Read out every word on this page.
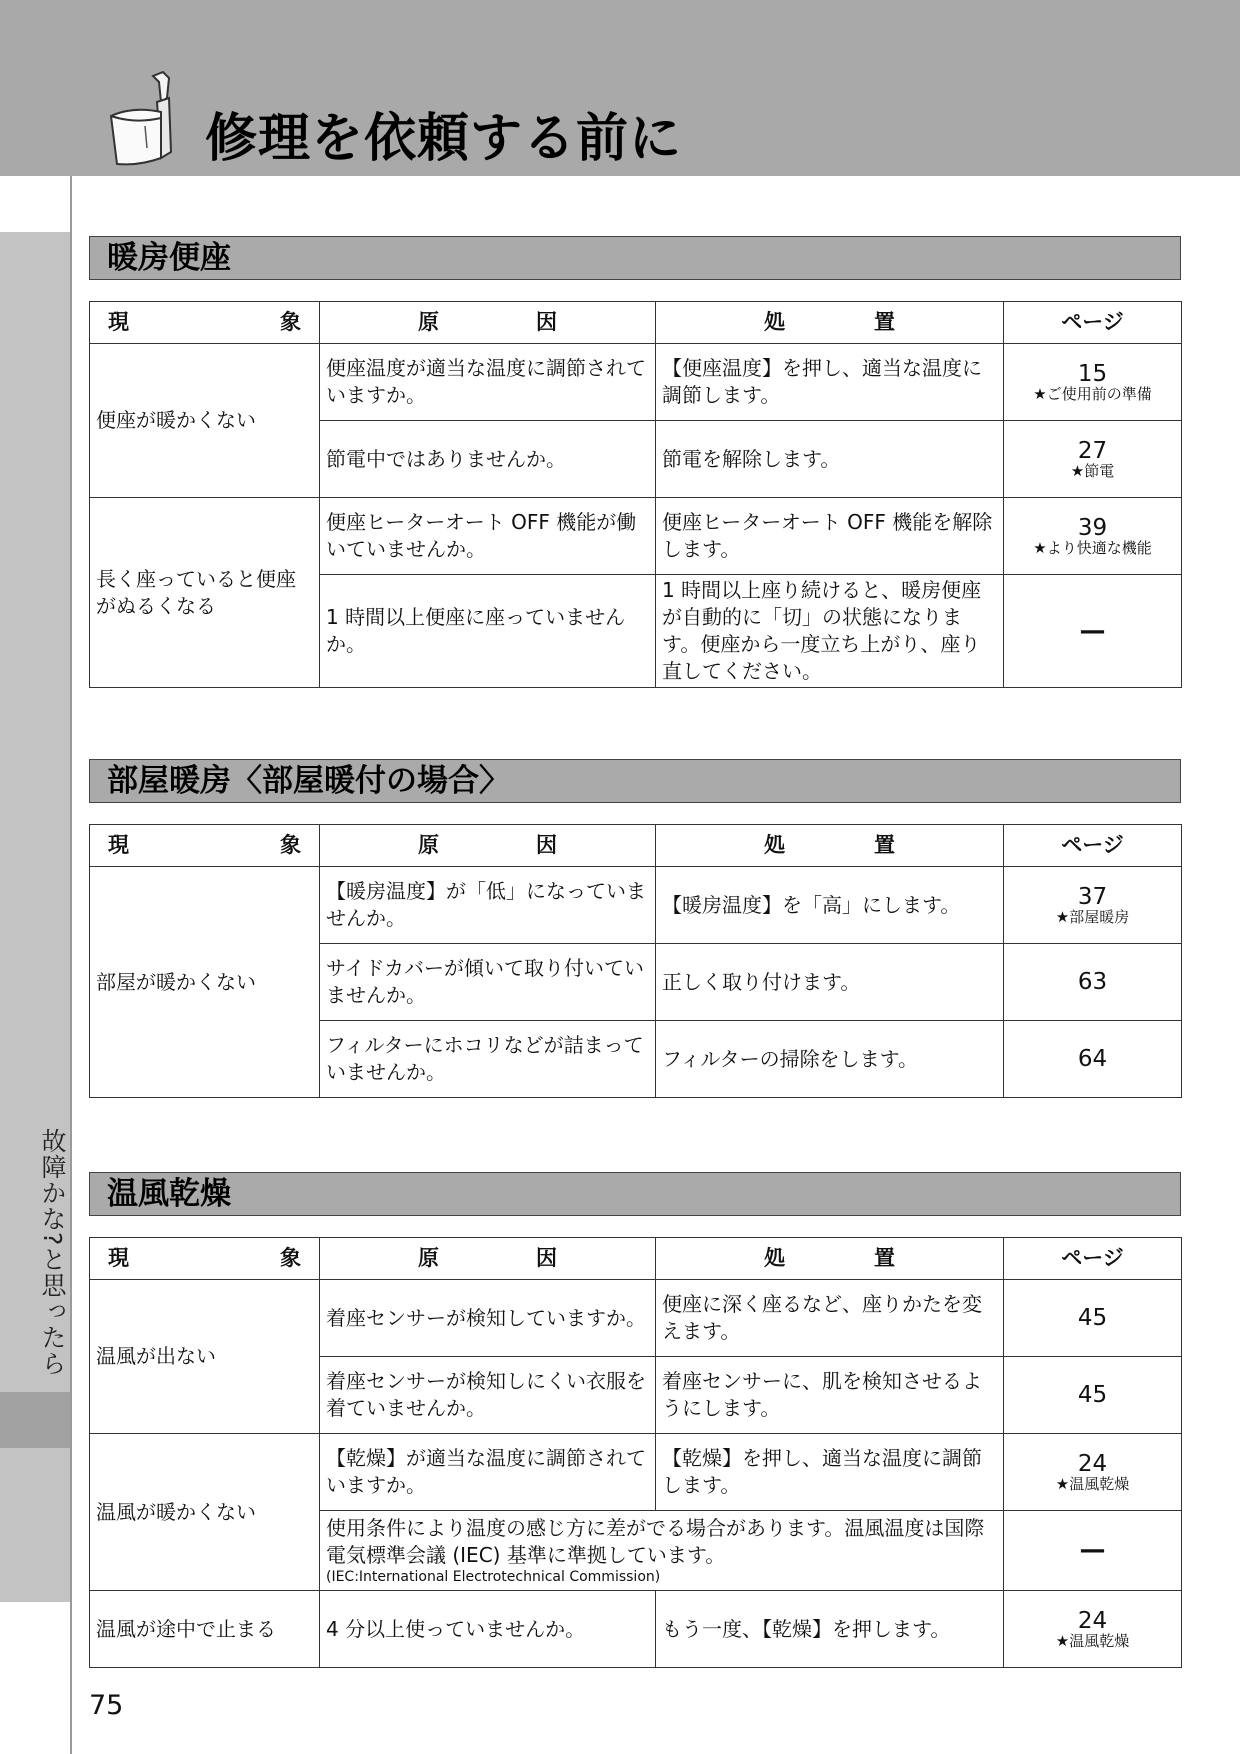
修理を依頼する前に
故障かな?と思ったら
暖房便座
現 象	原 因	処 置	ページ
便座が暖かくない	便座温度が適当な温度に調節されていますか。	【便座温度】を押し、適当な温度に調節します。	15
★ご使用前の準備

	節電中ではありませんか。	節電を解除します。	27
★節電

長く座っていると便座がぬるくなる	便座ヒーターオート OFF 機能が働いていませんか。	便座ヒーターオート OFF 機能を解除します。	39
★より快適な機能

	1 時間以上便座に座っていませんか。	1 時間以上座り続けると、暖房便座が自動的に「切」の状態になります。便座から一度立ち上がり、座り直してください。	—
部屋暖房〈部屋暖付の場合〉
現 象	原 因	処 置	ページ
部屋が暖かくない	【暖房温度】が「低」になっていませんか。	【暖房温度】を「高」にします。	37
★部屋暖房

	サイドカバーが傾いて取り付いていませんか。	正しく取り付けます。	63

	フィルターにホコリなどが詰まっていませんか。	フィルターの掃除をします。	64
温風乾燥
現 象	原 因	処 置	ページ
温風が出ない	着座センサーが検知していますか。	便座に深く座るなど、座りかたを変えます。	45

	着座センサーが検知しにくい衣服を着ていませんか。	着座センサーに、肌を検知させるようにします。	45

温風が暖かくない	【乾燥】が適当な温度に調節されていますか。	【乾燥】を押し、適当な温度に調節します。	24
★温風乾燥

	使用条件により温度の感じ方に差がでる場合があります。温風温度は国際電気標準会議 (IEC) 基準に準拠しています。
(IEC:International Electrotechnical Commission)		—

温風が途中で止まる	4 分以上使っていませんか。	もう一度、【乾燥】を押します。	24
★温風乾燥
75
